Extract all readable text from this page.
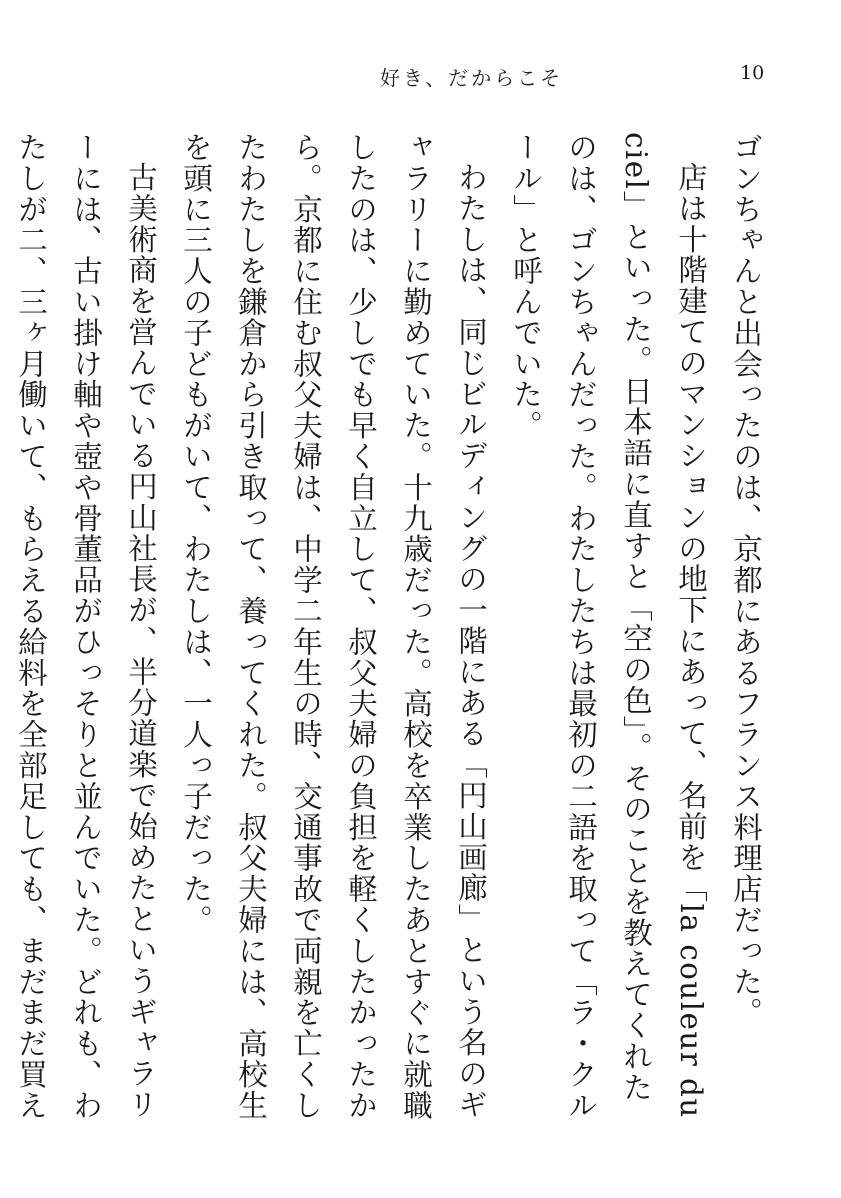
好き、だからこそ	10

ゴンちゃんと出会ったのは、京都にあるフランス料理店だった。

店は十階建てのマンションの地下にあって、名前を「la couleur du ciel」といった。日本語に直すと「空の色」。そのことを教えてくれたのは、ゴンちゃんだった。わたしたちは最初の二語を取って「ラ・クルール」と呼んでいた。

わたしは、同じビルディングの一階にある「円山画廊」という名のギャラリーに勤めていた。十九歳だった。高校を卒業したあとすぐに就職したのは、少しでも早く自立して、叔父夫婦の負担を軽くしたかったから。京都に住む叔父夫婦は、中学二年生の時、交通事故で両親を亡くしたわたしを鎌倉から引き取って、養ってくれた。叔父夫婦には、高校生を頭に三人の子どもがいて、わたしは、一人っ子だった。

古美術商を営んでいる円山社長が、半分道楽で始めたというギャラリーには、古い掛け軸や壺や骨董品がひっそりと並んでいた。どれも、わたしが二、三ヶ月働いて、もらえる給料を全部足しても、まだまだ買え
